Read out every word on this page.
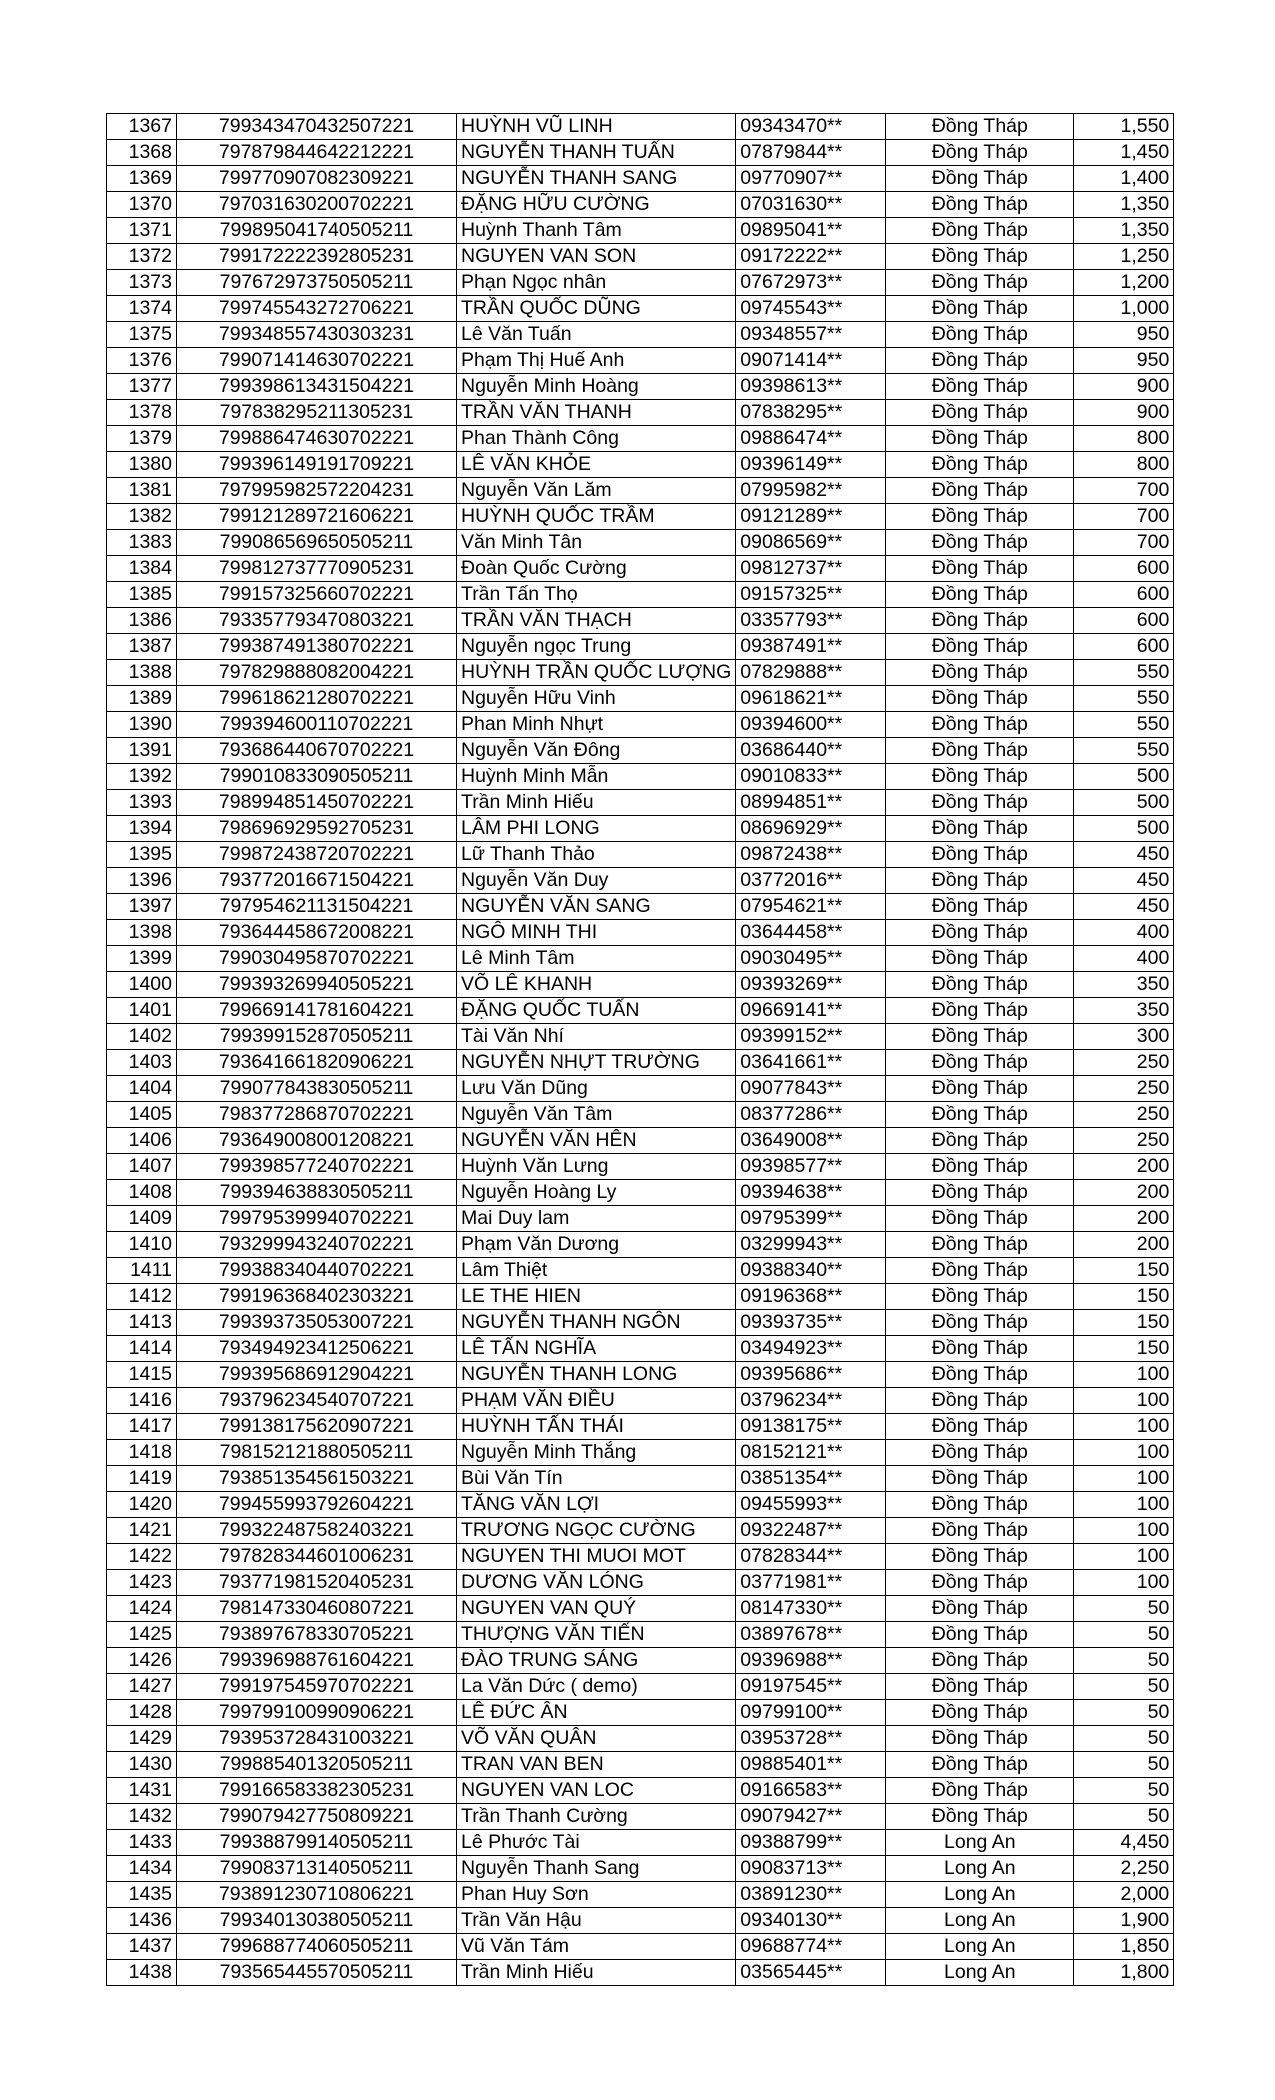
1367	799343470432507221	HUỲNH VŨ LINH	09343470**	Đồng Tháp	1,550
1368	797879844642212221	NGUYỄN THANH TUẤN	07879844**	Đồng Tháp	1,450
1369	799770907082309221	NGUYỄN THANH SANG	09770907**	Đồng Tháp	1,400
1370	797031630200702221	ĐẶNG HỮU CƯỜNG	07031630**	Đồng Tháp	1,350
1371	799895041740505211	Huỳnh Thanh Tâm	09895041**	Đồng Tháp	1,350
1372	799172222392805231	NGUYEN VAN SON	09172222**	Đồng Tháp	1,250
1373	797672973750505211	Phạn Ngọc nhân	07672973**	Đồng Tháp	1,200
1374	799745543272706221	TRẦN QUỐC DŨNG	09745543**	Đồng Tháp	1,000
1375	799348557430303231	Lê Văn Tuấn	09348557**	Đồng Tháp	950
1376	799071414630702221	Phạm Thị Huế Anh	09071414**	Đồng Tháp	950
1377	799398613431504221	Nguyễn Minh Hoàng	09398613**	Đồng Tháp	900
1378	797838295211305231	TRẦN VĂN THANH	07838295**	Đồng Tháp	900
1379	799886474630702221	Phan Thành Công	09886474**	Đồng Tháp	800
1380	799396149191709221	LÊ VĂN KHỎE	09396149**	Đồng Tháp	800
1381	797995982572204231	Nguyễn Văn Lăm	07995982**	Đồng Tháp	700
1382	799121289721606221	HUỲNH QUỐC TRẦM	09121289**	Đồng Tháp	700
1383	799086569650505211	Văn Minh Tân	09086569**	Đồng Tháp	700
1384	799812737770905231	Đoàn Quốc Cường	09812737**	Đồng Tháp	600
1385	799157325660702221	Trần Tấn Thọ	09157325**	Đồng Tháp	600
1386	793357793470803221	TRẦN VĂN THẠCH	03357793**	Đồng Tháp	600
1387	799387491380702221	Nguyễn ngọc Trung	09387491**	Đồng Tháp	600
1388	797829888082004221	HUỲNH TRẦN QUỐC LƯỢNG	07829888**	Đồng Tháp	550
1389	799618621280702221	Nguyễn Hữu Vinh	09618621**	Đồng Tháp	550
1390	799394600110702221	Phan Minh Nhựt	09394600**	Đồng Tháp	550
1391	793686440670702221	Nguyễn Văn Đông	03686440**	Đồng Tháp	550
1392	799010833090505211	Huỳnh Minh Mẫn	09010833**	Đồng Tháp	500
1393	798994851450702221	Trần Minh Hiếu	08994851**	Đồng Tháp	500
1394	798696929592705231	LÂM PHI LONG	08696929**	Đồng Tháp	500
1395	799872438720702221	Lữ Thanh Thảo	09872438**	Đồng Tháp	450
1396	793772016671504221	Nguyễn Văn Duy	03772016**	Đồng Tháp	450
1397	797954621131504221	NGUYỄN VĂN SANG	07954621**	Đồng Tháp	450
1398	793644458672008221	NGÔ MINH THI	03644458**	Đồng Tháp	400
1399	799030495870702221	Lê Minh Tâm	09030495**	Đồng Tháp	400
1400	799393269940505221	VÕ LÊ KHANH	09393269**	Đồng Tháp	350
1401	799669141781604221	ĐẶNG QUỐC TUẤN	09669141**	Đồng Tháp	350
1402	799399152870505211	Tài Văn Nhí	09399152**	Đồng Tháp	300
1403	793641661820906221	NGUYỄN NHỰT TRƯỜNG	03641661**	Đồng Tháp	250
1404	799077843830505211	Lưu Văn Dũng	09077843**	Đồng Tháp	250
1405	798377286870702221	Nguyễn Văn Tâm	08377286**	Đồng Tháp	250
1406	793649008001208221	NGUYỄN VĂN HÊN	03649008**	Đồng Tháp	250
1407	799398577240702221	Huỳnh Văn Lưng	09398577**	Đồng Tháp	200
1408	799394638830505211	Nguyễn Hoàng Ly	09394638**	Đồng Tháp	200
1409	799795399940702221	Mai Duy lam	09795399**	Đồng Tháp	200
1410	793299943240702221	Phạm Văn Dương	03299943**	Đồng Tháp	200
1411	799388340440702221	Lâm Thiệt	09388340**	Đồng Tháp	150
1412	799196368402303221	LE THE HIEN	09196368**	Đồng Tháp	150
1413	799393735053007221	NGUYỄN THANH NGÔN	09393735**	Đồng Tháp	150
1414	793494923412506221	LÊ TẤN NGHĨA	03494923**	Đồng Tháp	150
1415	799395686912904221	NGUYỄN THANH LONG	09395686**	Đồng Tháp	100
1416	793796234540707221	PHẠM VĂN ĐIỀU	03796234**	Đồng Tháp	100
1417	799138175620907221	HUỲNH TẤN THÁI	09138175**	Đồng Tháp	100
1418	798152121880505211	Nguyễn Minh Thắng	08152121**	Đồng Tháp	100
1419	793851354561503221	Bùi Văn Tín	03851354**	Đồng Tháp	100
1420	799455993792604221	TĂNG VĂN LỢI	09455993**	Đồng Tháp	100
1421	799322487582403221	TRƯƠNG NGỌC CƯỜNG	09322487**	Đồng Tháp	100
1422	797828344601006231	NGUYEN THI MUOI MOT	07828344**	Đồng Tháp	100
1423	793771981520405231	DƯƠNG VĂN LÓNG	03771981**	Đồng Tháp	100
1424	798147330460807221	NGUYEN VAN QUÝ	08147330**	Đồng Tháp	50
1425	793897678330705221	THƯỢNG VĂN TIẾN	03897678**	Đồng Tháp	50
1426	799396988761604221	ĐÀO TRUNG SÁNG	09396988**	Đồng Tháp	50
1427	799197545970702221	La Văn Dức ( demo)	09197545**	Đồng Tháp	50
1428	799799100990906221	LÊ ĐỨC ÂN	09799100**	Đồng Tháp	50
1429	793953728431003221	VÕ VĂN QUÂN	03953728**	Đồng Tháp	50
1430	799885401320505211	TRAN VAN BEN	09885401**	Đồng Tháp	50
1431	799166583382305231	NGUYEN VAN LOC	09166583**	Đồng Tháp	50
1432	799079427750809221	Trần Thanh Cường	09079427**	Đồng Tháp	50
1433	799388799140505211	Lê Phước Tài	09388799**	Long An	4,450
1434	799083713140505211	Nguyễn Thanh Sang	09083713**	Long An	2,250
1435	793891230710806221	Phan Huy Sơn	03891230**	Long An	2,000
1436	799340130380505211	Trần Văn Hậu	09340130**	Long An	1,900
1437	799688774060505211	Vũ Văn Tám	09688774**	Long An	1,850
1438	793565445570505211	Trần Minh Hiếu	03565445**	Long An	1,800
